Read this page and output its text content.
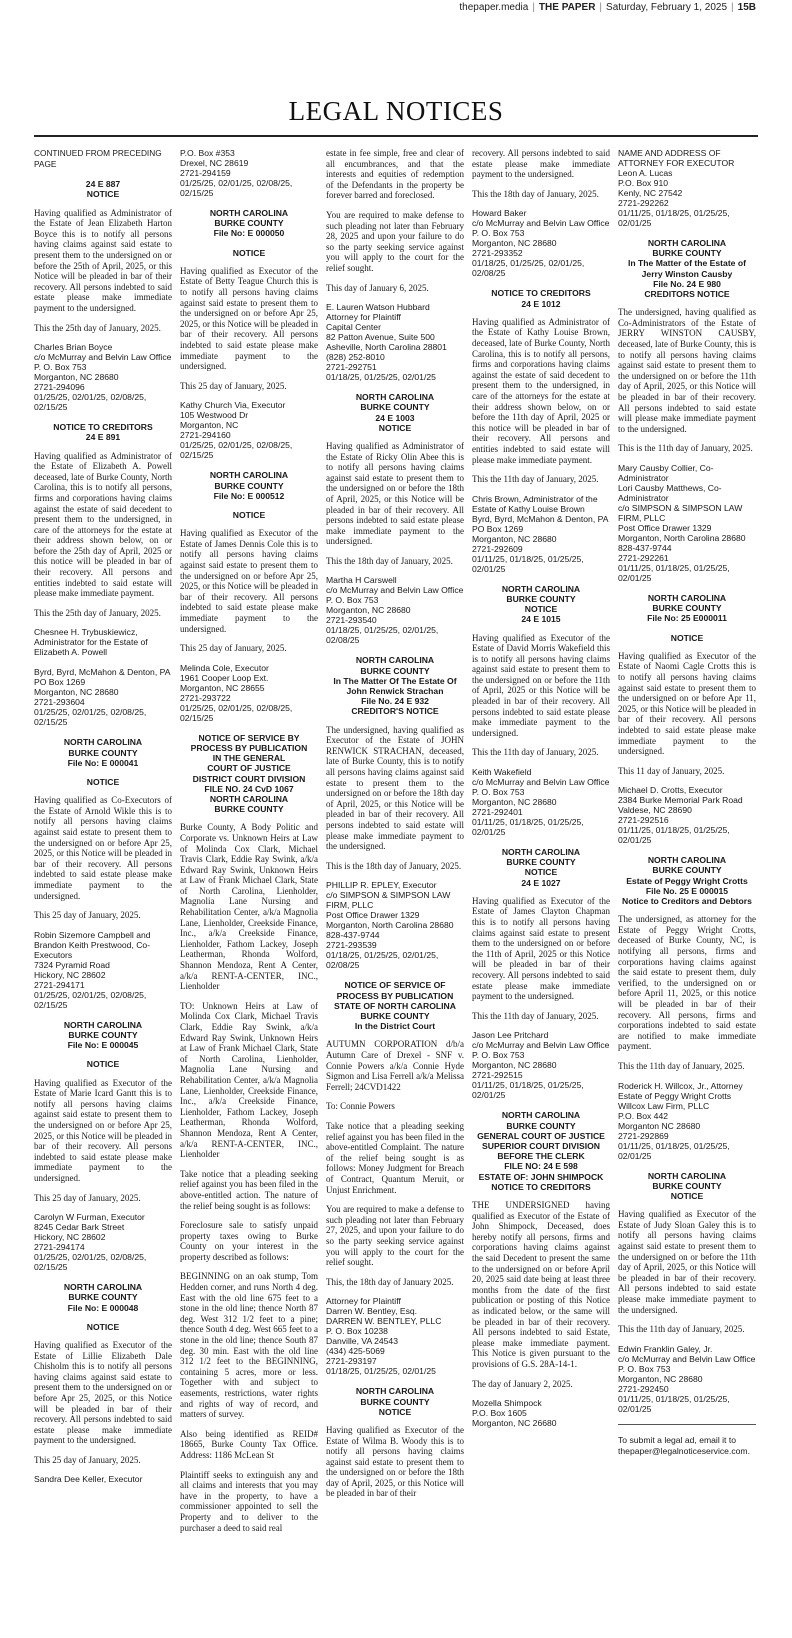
thepaper.media | THE PAPER | Saturday, February 1, 2025 | 15B
LEGAL NOTICES
CONTINUED FROM PRECEDING PAGE
24 E 887
NOTICE

Having qualified as Administrator of the Estate of Jean Elizabeth Harton Boyce this is to notify all persons having claims against said estate to present them to the undersigned on or before the 25th of April, 2025, or this Notice will be pleaded in bar of their recovery. All persons indebted to said estate please make immediate payment to the undersigned.

This the 25th day of January, 2025.

Charles Brian Boyce
c/o McMurray and Belvin Law Office
P. O. Box 753
Morganton, NC 28680
2721-294096
01/25/25, 02/01/25, 02/08/25, 02/15/25
NOTICE TO CREDITORS
24 E 891

Having qualified as Administrator of the Estate of Elizabeth A. Powell deceased, late of Burke County, North Carolina, this is to notify all persons, firms and corporations having claims against the estate of said decedent to present them to the undersigned, in care of the attorneys for the estate at their address shown below, on or before the 25th day of April, 2025 or this notice will be pleaded in bar of their recovery. All persons and entities indebted to said estate will please make immediate payment.

This the 25th day of January, 2025.

Chesnee H. Trybuskiewicz, Administrator for the Estate of Elizabeth A. Powell
Byrd, Byrd, McMahon & Denton, PA
PO Box 1269
Morganton, NC 28680
2721-293604
01/25/25, 02/01/25, 02/08/25, 02/15/25
NORTH CAROLINA
BURKE COUNTY
File No: E 000041
NOTICE

Having qualified as Co-Executors of the Estate of Arnold Wikle this is to notify all persons having claims against said estate to present them to the undersigned on or before Apr 25, 2025, or this Notice will be pleaded in bar of their recovery. All persons indebted to said estate please make immediate payment to the undersigned.

This 25 day of January, 2025.

Robin Sizemore Campbell and Brandon Keith Prestwood, Co-Executors
7324 Pyramid Road
Hickory, NC 28602
2721-294171
01/25/25, 02/01/25, 02/08/25, 02/15/25
NORTH CAROLINA
BURKE COUNTY
File No: E 000045
NOTICE

Having qualified as Executor of the Estate of Marie Icard Gantt this is to notify all persons having claims against said estate to present them to the undersigned on or before Apr 25, 2025, or this Notice will be pleaded in bar of their recovery. All persons indebted to said estate please make immediate payment to the undersigned.

This 25 day of January, 2025.

Carolyn W Furman, Executor
8245 Cedar Bark Street
Hickory, NC 28602
2721-294174
01/25/25, 02/01/25, 02/08/25, 02/15/25
NORTH CAROLINA
BURKE COUNTY
File No: E 000048
NOTICE

Having qualified as Executor of the Estate of Lillie Elizabeth Dale Chisholm this is to notify all persons having claims against said estate to present them to the undersigned on or before Apr 25, 2025, or this Notice will be pleaded in bar of their recovery. All persons indebted to said estate please make immediate payment to the undersigned.

This 25 day of January, 2025.

Sandra Dee Keller, Executor
P.O. Box #353
Drexel, NC 28619
2721-294159
01/25/25, 02/01/25, 02/08/25, 02/15/25
NORTH CAROLINA
BURKE COUNTY
File No: E 000050
NOTICE

Having qualified as Executor of the Estate of Betty Teague Church this is to notify all persons having claims against said estate to present them to the undersigned on or before Apr 25, 2025, or this Notice will be pleaded in bar of their recovery. All persons indebted to said estate please make immediate payment to the undersigned.

This 25 day of January, 2025.

Kathy Church Via, Executor
105 Westwood Dr
Morganton, NC
2721-294160
01/25/25, 02/01/25, 02/08/25, 02/15/25
NORTH CAROLINA
BURKE COUNTY
File No: E 000512
NOTICE

Having qualified as Executor of the Estate of James Dennis Cole this is to notify all persons having claims against said estate to present them to the undersigned on or before Apr 25, 2025, or this Notice will be pleaded in bar of their recovery. All persons indebted to said estate please make immediate payment to the undersigned.

This 25 day of January, 2025.

Melinda Cole, Executor
1961 Cooper Loop Ext.
Morganton, NC 28655
2721-293722
01/25/25, 02/01/25, 02/08/25, 02/15/25
NOTICE OF SERVICE BY PROCESS BY PUBLICATION
IN THE GENERAL
COURT OF JUSTICE
DISTRICT COURT DIVISION
FILE NO. 24 CvD 1067
NORTH CAROLINA
BURKE COUNTY

Burke County, A Body Politic and Corporate vs. Unknown Heirs at Law of Molinda Cox Clark, Michael Travis Clark, Eddie Ray Swink, a/k/a Edward Ray Swink, Unknown Heirs at Law of Frank Michael Clark, State of North Carolina, Lienholder, Magnolia Lane Nursing and Rehabilitation Center, a/k/a Magnolia Lane, Lienholder, Creekside Finance, Inc., a/k/a Creekside Finance, Lienholder, Fathom Lackey, Joseph Leatherman, Rhonda Wolford, Shannon Mendoza, Rent A Center, a/k/a RENT-A-CENTER, INC., Lienholder

TO: Unknown Heirs at Law of Molinda Cox Clark, Michael Travis Clark, Eddie Ray Swink, a/k/a Edward Ray Swink, Unknown Heirs at Law of Frank Michael Clark, State of North Carolina, Lienholder, Magnolia Lane Nursing and Rehabilitation Center, a/k/a Magnolia Lane, Lienholder, Creekside Finance, Inc., a/k/a Creekside Finance, Lienholder, Fathom Lackey, Joseph Leatherman, Rhonda Wolford, Shannon Mendoza, Rent A Center, a/k/a RENT-A-CENTER, INC., Lienholder

Take notice that a pleading seeking relief against you has been filed in the above-entitled action. The nature of the relief being sought is as follows:

Foreclosure sale to satisfy unpaid property taxes owing to Burke County on your interest in the property described as follows:

BEGINNING on an oak stump, Tom Hedden corner, and runs North 4 deg. East with the old line 675 feet to a stone in the old line; thence North 87 deg. West 312 1/2 feet to a pine; thence South 4 deg. West 665 feet to a stone in the old line; thence South 87 deg. 30 min. East with the old line 312 1/2 feet to the BEGINNING, containing 5 acres, more or less. Together with and subject to easements, restrictions, water rights and rights of way of record, and matters of survey.

Also being identified as REID# 18665, Burke County Tax Office. Address: 1186 McLean St

Plaintiff seeks to extinguish any and all claims and interests that you may have in the property, to have a commissioner appointed to sell the Property and to deliver to the purchaser a deed to said real

estate in fee simple, free and clear of all encumbrances, and that the interests and equities of redemption of the Defendants in the property be forever barred and foreclosed.

You are required to make defense to such pleading not later than February 28, 2025 and upon your failure to do so the party seeking service against you will apply to the court for the relief sought.

This day of January 6, 2025.

E. Lauren Watson Hubbard
Attorney for Plaintiff
Capital Center
82 Patton Avenue, Suite 500
Asheville, North Carolina 28801
(828) 252-8010
2721-292751
01/18/25, 01/25/25, 02/01/25
NORTH CAROLINA
BURKE COUNTY
24 E 1003
NOTICE

Having qualified as Administrator of the Estate of Ricky Olin Abee this is to notify all persons having claims against said estate to present them to the undersigned on or before the 18th of April, 2025, or this Notice will be pleaded in bar of their recovery. All persons indebted to said estate please make immediate payment to the undersigned.

This the 18th day of January, 2025.

Martha H Carswell
c/o McMurray and Belvin Law Office
P. O. Box 753
Morganton, NC 28680
2721-293540
01/18/25, 01/25/25, 02/01/25, 02/08/25
NORTH CAROLINA
BURKE COUNTY
In The Matter Of The Estate Of
John Renwick Strachan
File No. 24 E 932
CREDITOR'S NOTICE

The undersigned, having qualified as Executor of the Estate of JOHN RENWICK STRACHAN, deceased, late of Burke County, this is to notify all persons having claims against said estate to present them to the undersigned on or before the 18th day of April, 2025, or this Notice will be pleaded in bar of their recovery. All persons indebted to said estate will please make immediate payment to the undersigned.

This is the 18th day of January, 2025.

PHILLIP R. EPLEY, Executor
c/o SIMPSON & SIMPSON LAW FIRM, PLLC
Post Office Drawer 1329
Morganton, North Carolina 28680
828-437-9744
2721-293539
01/18/25, 01/25/25, 02/01/25, 02/08/25
NOTICE OF SERVICE OF PROCESS BY PUBLICATION
STATE OF NORTH CAROLINA
BURKE COUNTY
In the District Court

AUTUMN CORPORATION d/b/a Autumn Care of Drexel - SNF v. Connie Powers a/k/a Connie Hyde Sigmon and Lisa Ferrell a/k/a Melissa Ferrell; 24CVD1422

To: Connie Powers

Take notice that a pleading seeking relief against you has been filed in the above-entitled Complaint. The nature of the relief being sought is as follows: Money Judgment for Breach of Contract, Quantum Meruit, or Unjust Enrichment.

You are required to make a defense to such pleading not later than February 27, 2025, and upon your failure to do so the party seeking service against you will apply to the court for the relief sought.

This, the 18th day of January 2025.

Attorney for Plaintiff
Darren W. Bentley, Esq.
DARREN W. BENTLEY, PLLC
P. O. Box 10238
Danville, VA 24543
(434) 425-5069
2721-293197
01/18/25, 01/25/25, 02/01/25
NORTH CAROLINA
BURKE COUNTY
NOTICE

Having qualified as Executor of the Estate of Wilma B. Woody this is to notify all persons having claims against said estate to present them to the undersigned on or before the 18th day of April, 2025, or this Notice will be pleaded in bar of their

recovery. All persons indebted to said estate please make immediate payment to the undersigned.

This the 18th day of January, 2025.

Howard Baker
c/o McMurray and Belvin Law Office
P. O. Box 753
Morganton, NC 28680
2721-293352
01/18/25, 01/25/25, 02/01/25, 02/08/25
NOTICE TO CREDITORS
24 E 1012

Having qualified as Administrator of the Estate of Kathy Louise Brown, deceased, late of Burke County, North Carolina, this is to notify all persons, firms and corporations having claims against the estate of said decedent to present them to the undersigned, in care of the attorneys for the estate at their address shown below, on or before the 11th day of April, 2025 or this notice will be pleaded in bar of their recovery. All persons and entities indebted to said estate will please make immediate payment.

This the 11th day of January, 2025.

Chris Brown, Administrator of the Estate of Kathy Louise Brown
Byrd, Byrd, McMahon & Denton, PA
PO Box 1269
Morganton, NC 28680
2721-292609
01/11/25, 01/18/25, 01/25/25, 02/01/25
NORTH CAROLINA
BURKE COUNTY
NOTICE
24 E 1015

Having qualified as Executor of the Estate of David Morris Wakefield this is to notify all persons having claims against said estate to present them to the undersigned on or before the 11th of April, 2025 or this Notice will be pleaded in bar of their recovery. All persons indebted to said estate please make immediate payment to the undersigned.

This the 11th day of January, 2025.

Keith Wakefield
c/o McMurray and Belvin Law Office
P. O. Box 753
Morganton, NC 28680
2721-292401
01/11/25, 01/18/25, 01/25/25, 02/01/25
NORTH CAROLINA
BURKE COUNTY
NOTICE
24 E 1027

Having qualified as Executor of the Estate of James Clayton Chapman this is to notify all persons having claims against said estate to present them to the undersigned on or before the 11th of April, 2025 or this Notice will be pleaded in bar of their recovery. All persons indebted to said estate please make immediate payment to the undersigned.

This the 11th day of January, 2025.

Jason Lee Pritchard
c/o McMurray and Belvin Law Office
P. O. Box 753
Morganton, NC 28680
2721-292515
01/11/25, 01/18/25, 01/25/25, 02/01/25
NORTH CAROLINA
BURKE COUNTY
GENERAL COURT OF JUSTICE
SUPERIOR COURT DIVISION
BEFORE THE CLERK
FILE NO: 24 E 598
ESTATE OF: JOHN SHIMPOCK
NOTICE TO CREDITORS

THE UNDERSIGNED having qualified as Executor of the Estate of John Shimpock, Deceased, does hereby notify all persons, firms and corporations having claims against the said Decedent to present the same to the undersigned on or before April 20, 2025 said date being at least three months from the date of the first publication or posting of this Notice as indicated below, or the same will be pleaded in bar of their recovery. All persons indebted to said Estate, please make immediate payment. This Notice is given pursuant to the provisions of G.S. 28A-14-1.

The day of January 2, 2025.

Mozella Shimpock
P.O. Box 1605
Morganton, NC 26680
NAME AND ADDRESS OF ATTORNEY FOR EXECUTOR
Leon A. Lucas
P.O. Box 910
Kenly, NC 27542
2721-292262
01/11/25, 01/18/25, 01/25/25, 02/01/25
NORTH CAROLINA
BURKE COUNTY
In The Matter of the Estate of
Jerry Winston Causby
File No. 24 E 980
CREDITORS NOTICE

The undersigned, having qualified as Co-Administrators of the Estate of JERRY WINSTON CAUSBY, deceased, late of Burke County, this is to notify all persons having claims against said estate to present them to the undersigned on or before the 11th day of April, 2025, or this Notice will be pleaded in bar of their recovery. All persons indebted to said estate will please make immediate payment to the undersigned.

This is the 11th day of January, 2025.

Mary Causby Collier, Co-Administrator
Lori Causby Matthews, Co-Administrator
c/o SIMPSON & SIMPSON LAW FIRM, PLLC
Post Office Drawer 1329
Morganton, North Carolina 28680
828-437-9744
2721-292261
01/11/25, 01/18/25, 01/25/25, 02/01/25
NORTH CAROLINA
BURKE COUNTY
File No: 25 E000011
NOTICE

Having qualified as Executor of the Estate of Naomi Cagle Crotts this is to notify all persons having claims against said estate to present them to the undersigned on or before Apr 11, 2025, or this Notice will be pleaded in bar of their recovery. All persons indebted to said estate please make immediate payment to the undersigned.

This 11 day of January, 2025.

Michael D. Crotts, Executor
2384 Burke Memorial Park Road
Valdese, NC 28690
2721-292516
01/11/25, 01/18/25, 01/25/25, 02/01/25
NORTH CAROLINA
BURKE COUNTY
Estate of Peggy Wright Crotts
File No. 25 E 000015
Notice to Creditors and Debtors

The undersigned, as attorney for the Estate of Peggy Wright Crotts, deceased of Burke County, NC, is notifying all persons, firms and corporations having claims against the said estate to present them, duly verified, to the undersigned on or before April 11, 2025, or this notice will be pleaded in bar of their recovery. All persons, firms and corporations indebted to said estate are notified to make immediate payment.

This the 11th day of January, 2025.

Roderick H. Willcox, Jr., Attorney
Estate of Peggy Wright Crotts
Willcox Law Firm, PLLC
P.O. Box 442
Morganton NC 28680
2721-292869
01/11/25, 01/18/25, 01/25/25, 02/01/25
NORTH CAROLINA
BURKE COUNTY
NOTICE

Having qualified as Executor of the Estate of Judy Sloan Galey this is to notify all persons having claims against said estate to present them to the undersigned on or before the 11th day of April, 2025, or this Notice will be pleaded in bar of their recovery. All persons indebted to said estate please make immediate payment to the undersigned.

This the 11th day of January, 2025.

Edwin Franklin Galey, Jr.
c/o McMurray and Belvin Law Office
P. O. Box 753
Morganton, NC 28680
2721-292450
01/11/25, 01/18/25, 01/25/25, 02/01/25
To submit a legal ad, email it to thepaper@legalnoticeservice.com.
